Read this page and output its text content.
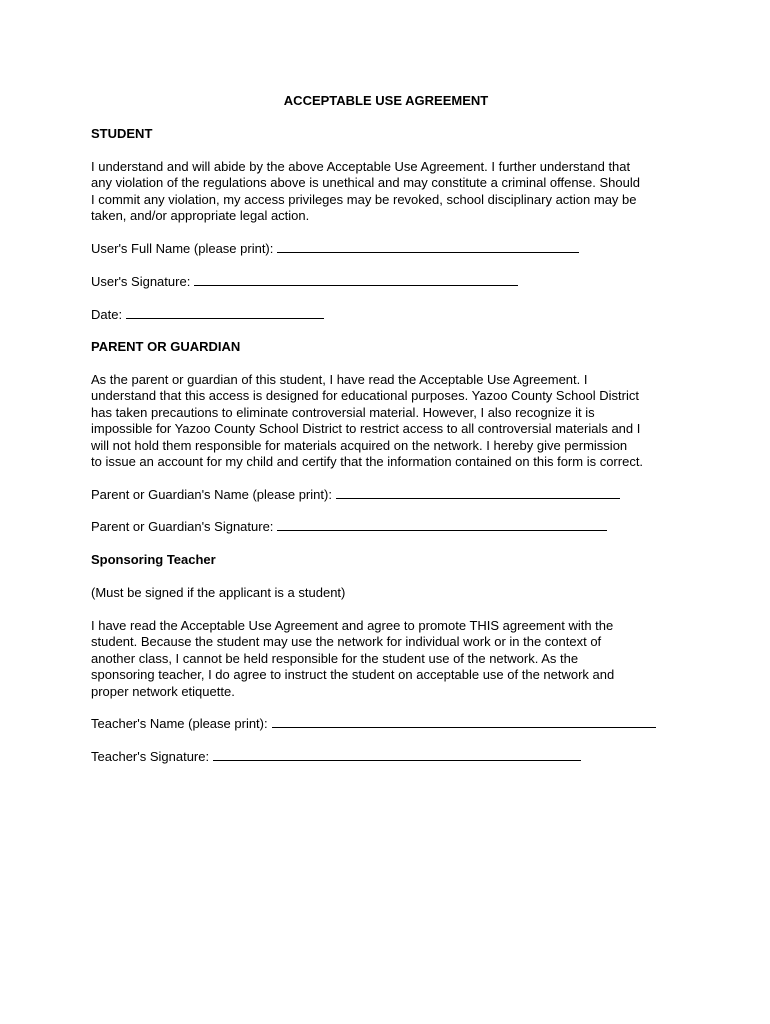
ACCEPTABLE USE AGREEMENT
STUDENT
I understand and will abide by the above Acceptable Use Agreement. I further understand that
any violation of the regulations above is unethical and may constitute a criminal offense. Should
I commit any violation, my access privileges may be revoked, school disciplinary action may be
taken, and/or appropriate legal action.
User's Full Name (please print):
User's Signature:
Date:
PARENT OR GUARDIAN
As the parent or guardian of this student, I have read the Acceptable Use Agreement. I
understand that this access is designed for educational purposes. Yazoo County School District
has taken precautions to eliminate controversial material. However, I also recognize it is
impossible for Yazoo County School District to restrict access to all controversial materials and I
will not hold them responsible for materials acquired on the network. I hereby give permission
to issue an account for my child and certify that the information contained on this form is correct.
Parent or Guardian's Name (please print):
Parent or Guardian's Signature:
Sponsoring Teacher
(Must be signed if the applicant is a student)
I have read the Acceptable Use Agreement and agree to promote THIS agreement with the
student. Because the student may use the network for individual work or in the context of
another class, I cannot be held responsible for the student use of the network. As the
sponsoring teacher, I do agree to instruct the student on acceptable use of the network and
proper network etiquette.
Teacher's Name (please print):
Teacher's Signature:
